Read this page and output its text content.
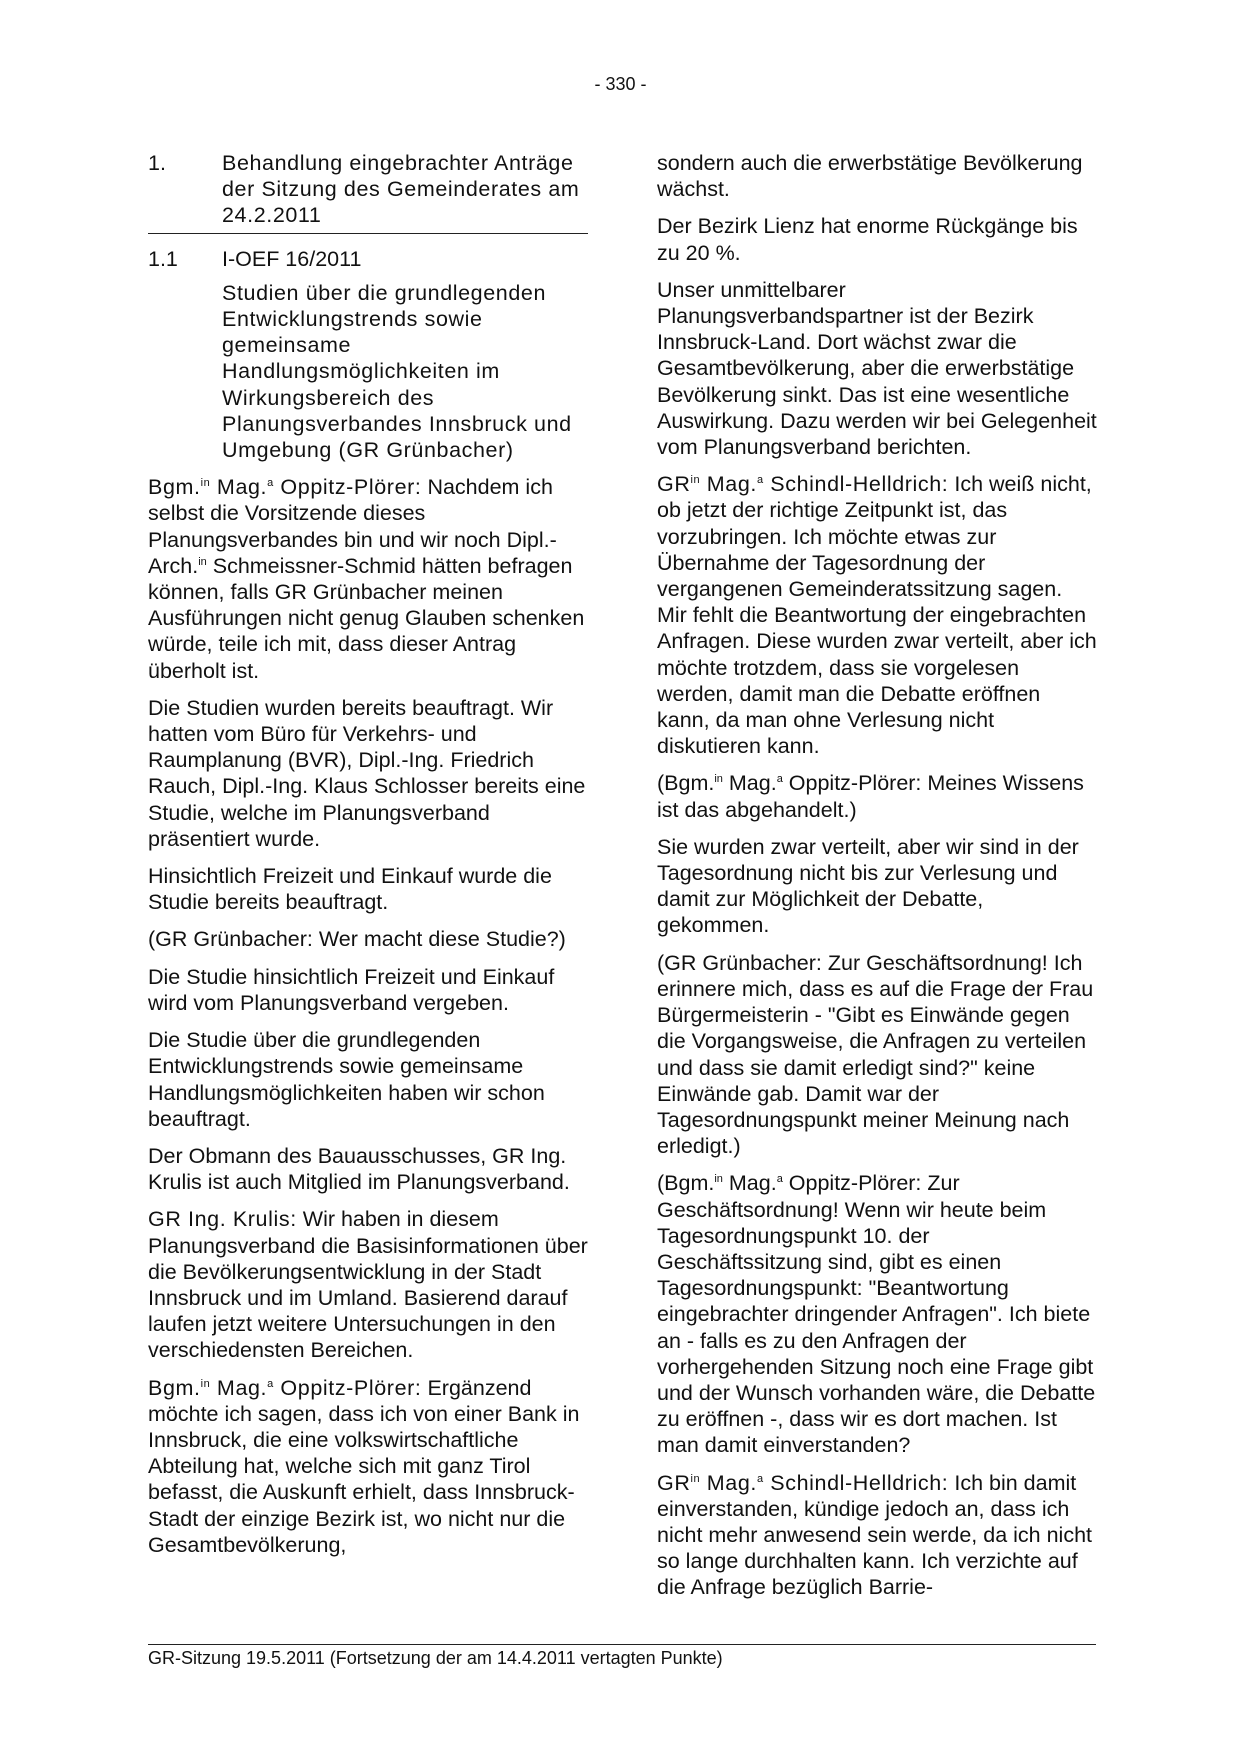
- 330 -
1.	Behandlung eingebrachter Anträge der Sitzung des Gemeinderates am 24.2.2011
1.1	I-OEF 16/2011

Studien über die grundlegenden Entwicklungstrends sowie gemeinsame Handlungsmöglichkeiten im Wirkungsbereich des Planungsverbandes Innsbruck und Umgebung (GR Grünbacher)

Bgm.$^{in}$ Mag.$^a$ Oppitz-Plörer: Nachdem ich selbst die Vorsitzende dieses Planungsverbandes bin und wir noch Dipl.-Arch.$^{in}$ Schmeissner-Schmid hätten befragen können, falls GR Grünbacher meinen Ausführungen nicht genug Glauben schenken würde, teile ich mit, dass dieser Antrag überholt ist.

Die Studien wurden bereits beauftragt. Wir hatten vom Büro für Verkehrs- und Raumplanung (BVR), Dipl.-Ing. Friedrich Rauch, Dipl.-Ing. Klaus Schlosser bereits eine Studie, welche im Planungsverband präsentiert wurde.

Hinsichtlich Freizeit und Einkauf wurde die Studie bereits beauftragt.

(GR Grünbacher: Wer macht diese Studie?)

Die Studie hinsichtlich Freizeit und Einkauf wird vom Planungsverband vergeben.

Die Studie über die grundlegenden Entwicklungstrends sowie gemeinsame Handlungsmöglichkeiten haben wir schon beauftragt.

Der Obmann des Bauausschusses, GR Ing. Krulis ist auch Mitglied im Planungsverband.

GR Ing. Krulis: Wir haben in diesem Planungsverband die Basisinformationen über die Bevölkerungsentwicklung in der Stadt Innsbruck und im Umland. Basierend darauf laufen jetzt weitere Untersuchungen in den verschiedensten Bereichen.

Bgm.$^{in}$ Mag.$^a$ Oppitz-Plörer: Ergänzend möchte ich sagen, dass ich von einer Bank in Innsbruck, die eine volkswirtschaftliche Abteilung hat, welche sich mit ganz Tirol befasst, die Auskunft erhielt, dass Innsbruck-Stadt der einzige Bezirk ist, wo nicht nur die Gesamtbevölkerung,

sondern auch die erwerbstätige Bevölkerung wächst.

Der Bezirk Lienz hat enorme Rückgänge bis zu 20 %.

Unser unmittelbarer Planungsverbandspartner ist der Bezirk Innsbruck-Land. Dort wächst zwar die Gesamtbevölkerung, aber die erwerbstätige Bevölkerung sinkt. Das ist eine wesentliche Auswirkung. Dazu werden wir bei Gelegenheit vom Planungsverband berichten.

$GR^{in}$ Mag.$^a$ Schindl-Helldrich: Ich weiß nicht, ob jetzt der richtige Zeitpunkt ist, das vorzubringen. Ich möchte etwas zur Übernahme der Tagesordnung der vergangenen Gemeinderatssitzung sagen. Mir fehlt die Beantwortung der eingebrachten Anfragen. Diese wurden zwar verteilt, aber ich möchte trotzdem, dass sie vorgelesen werden, damit man die Debatte eröffnen kann, da man ohne Verlesung nicht diskutieren kann.

(Bgm.$^{in}$ Mag.$^a$ Oppitz-Plörer: Meines Wissens ist das abgehandelt.)

Sie wurden zwar verteilt, aber wir sind in der Tagesordnung nicht bis zur Verlesung und damit zur Möglichkeit der Debatte, gekommen.

(GR Grünbacher: Zur Geschäftsordnung! Ich erinnere mich, dass es auf die Frage der Frau Bürgermeisterin - "Gibt es Einwände gegen die Vorgangsweise, die Anfragen zu verteilen und dass sie damit erledigt sind?" keine Einwände gab. Damit war der Tagesordnungspunkt meiner Meinung nach erledigt.)

(Bgm.$^{in}$ Mag.$^a$ Oppitz-Plörer: Zur Geschäftsordnung! Wenn wir heute beim Tagesordnungspunkt 10. der Geschäftssitzung sind, gibt es einen Tagesordnungspunkt: "Beantwortung eingebrachter dringender Anfragen". Ich biete an - falls es zu den Anfragen der vorhergehenden Sitzung noch eine Frage gibt und der Wunsch vorhanden wäre, die Debatte zu eröffnen -, dass wir es dort machen. Ist man damit einverstanden?

$GR^{in}$ Mag.$^a$ Schindl-Helldrich: Ich bin damit einverstanden, kündige jedoch an, dass ich nicht mehr anwesend sein werde, da ich nicht so lange durchhalten kann. Ich verzichte auf die Anfrage bezüglich Barrie-

GR-Sitzung 19.5.2011 (Fortsetzung der am 14.4.2011 vertagten Punkte)
